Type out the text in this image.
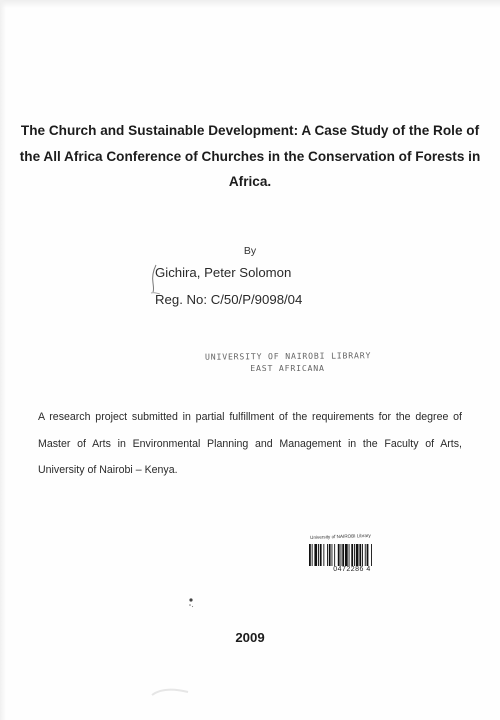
The Church and Sustainable Development: A Case Study of the Role of the All Africa Conference of Churches in the Conservation of Forests in Africa.
By
Gichira, Peter Solomon
Reg. No: C/50/P/9098/04
UNIVERSITY OF NAIROBI LIBRARY
EAST AFRICANA
A research project submitted in partial fulfillment of the requirements for the degree of Master of Arts in Environmental Planning and Management in the Faculty of Arts, University of Nairobi – Kenya.
University of NAIROBI Library
0472286 4
2009
